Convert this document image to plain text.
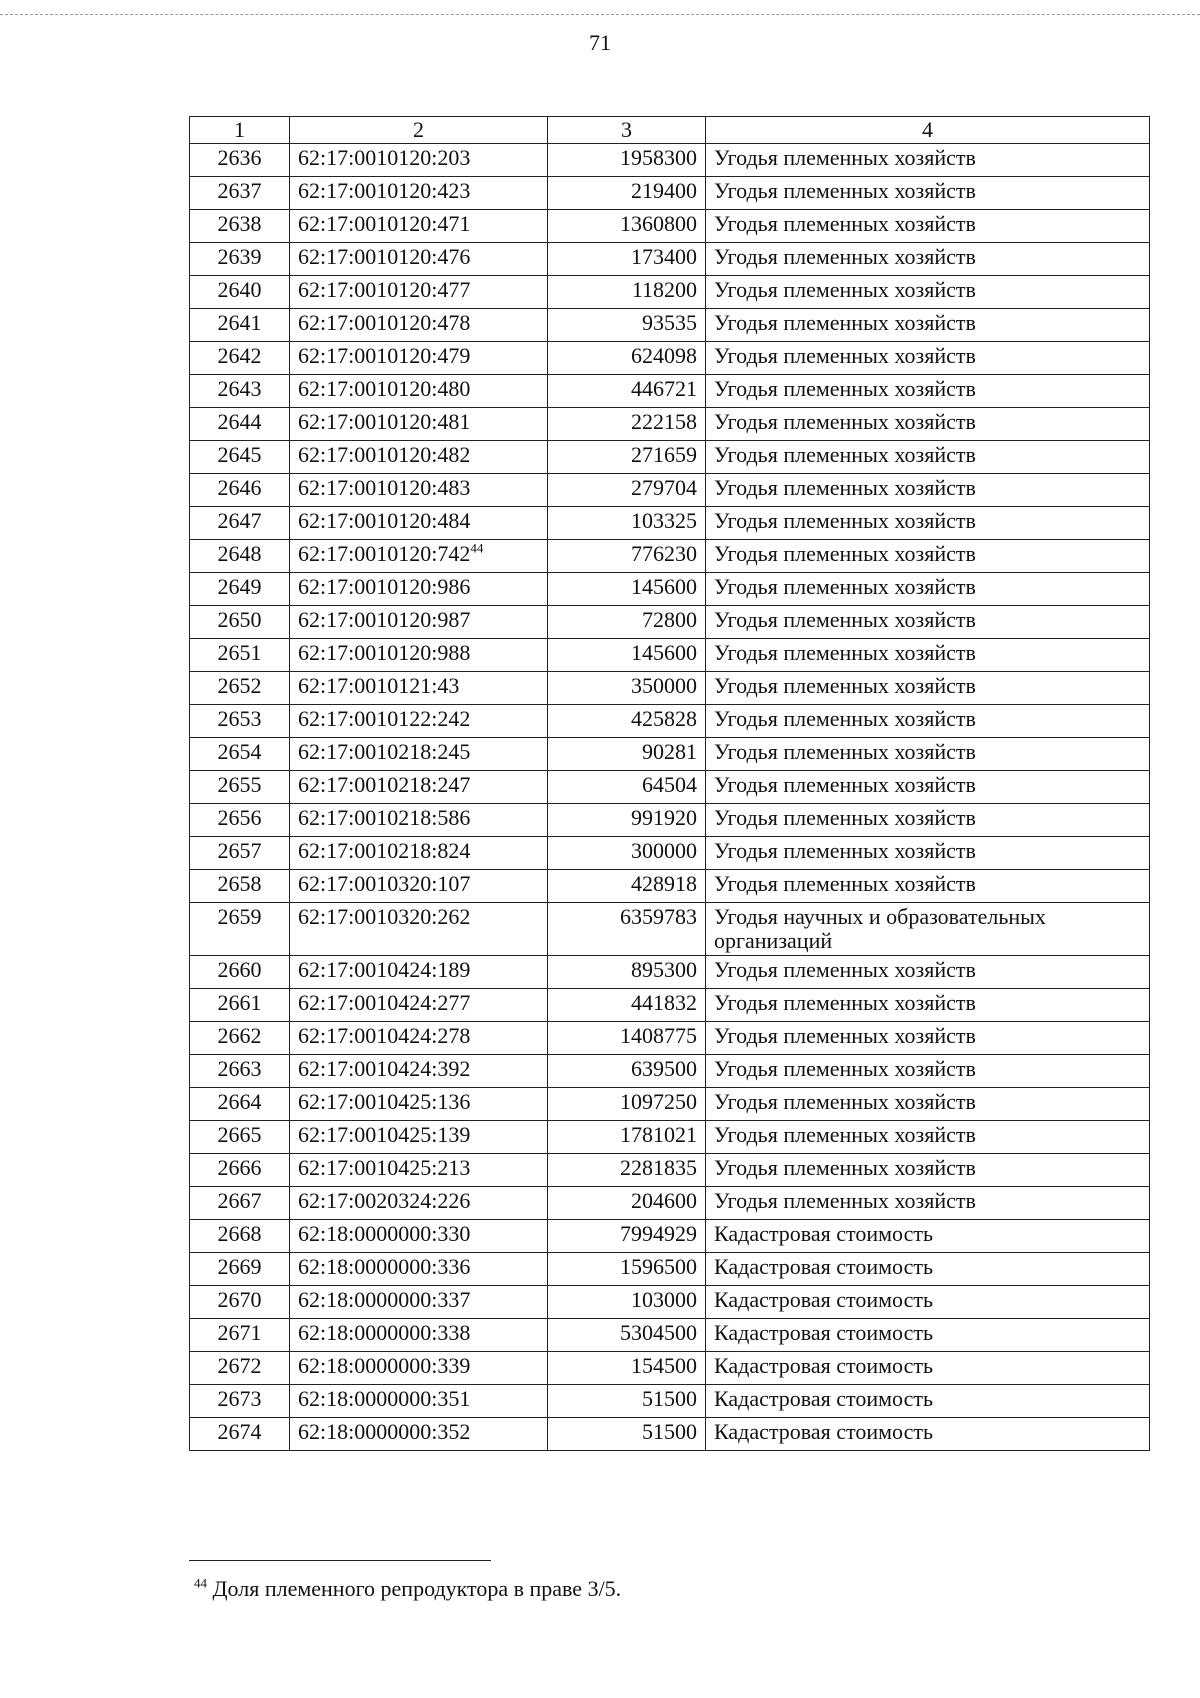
71
1	2	3	4
2636	62:17:0010120:203	1958300	Угодья племенных хозяйств
2637	62:17:0010120:423	219400	Угодья племенных хозяйств
2638	62:17:0010120:471	1360800	Угодья племенных хозяйств
2639	62:17:0010120:476	173400	Угодья племенных хозяйств
2640	62:17:0010120:477	118200	Угодья племенных хозяйств
2641	62:17:0010120:478	93535	Угодья племенных хозяйств
2642	62:17:0010120:479	624098	Угодья племенных хозяйств
2643	62:17:0010120:480	446721	Угодья племенных хозяйств
2644	62:17:0010120:481	222158	Угодья племенных хозяйств
2645	62:17:0010120:482	271659	Угодья племенных хозяйств
2646	62:17:0010120:483	279704	Угодья племенных хозяйств
2647	62:17:0010120:484	103325	Угодья племенных хозяйств
2648	$62:17:0010120:742^{44}$	776230	Угодья племенных хозяйств
2649	62:17:0010120:986	145600	Угодья племенных хозяйств
2650	62:17:0010120:987	72800	Угодья племенных хозяйств
2651	62:17:0010120:988	145600	Угодья племенных хозяйств
2652	62:17:0010121:43	350000	Угодья племенных хозяйств
2653	62:17:0010122:242	425828	Угодья племенных хозяйств
2654	62:17:0010218:245	90281	Угодья племенных хозяйств
2655	62:17:0010218:247	64504	Угодья племенных хозяйств
2656	62:17:0010218:586	991920	Угодья племенных хозяйств
2657	62:17:0010218:824	300000	Угодья племенных хозяйств
2658	62:17:0010320:107	428918	Угодья племенных хозяйств
2659	62:17:0010320:262	6359783	Угодья научных и образовательных организаций
2660	62:17:0010424:189	895300	Угодья племенных хозяйств
2661	62:17:0010424:277	441832	Угодья племенных хозяйств
2662	62:17:0010424:278	1408775	Угодья племенных хозяйств
2663	62:17:0010424:392	639500	Угодья племенных хозяйств
2664	62:17:0010425:136	1097250	Угодья племенных хозяйств
2665	62:17:0010425:139	1781021	Угодья племенных хозяйств
2666	62:17:0010425:213	2281835	Угодья племенных хозяйств
2667	62:17:0020324:226	204600	Угодья племенных хозяйств
2668	62:18:0000000:330	7994929	Кадастровая стоимость
2669	62:18:0000000:336	1596500	Кадастровая стоимость
2670	62:18:0000000:337	103000	Кадастровая стоимость
2671	62:18:0000000:338	5304500	Кадастровая стоимость
2672	62:18:0000000:339	154500	Кадастровая стоимость
2673	62:18:0000000:351	51500	Кадастровая стоимость
2674	62:18:0000000:352	51500	Кадастровая стоимость
$^{44}$ Доля племенного репродуктора в праве 3/5.
